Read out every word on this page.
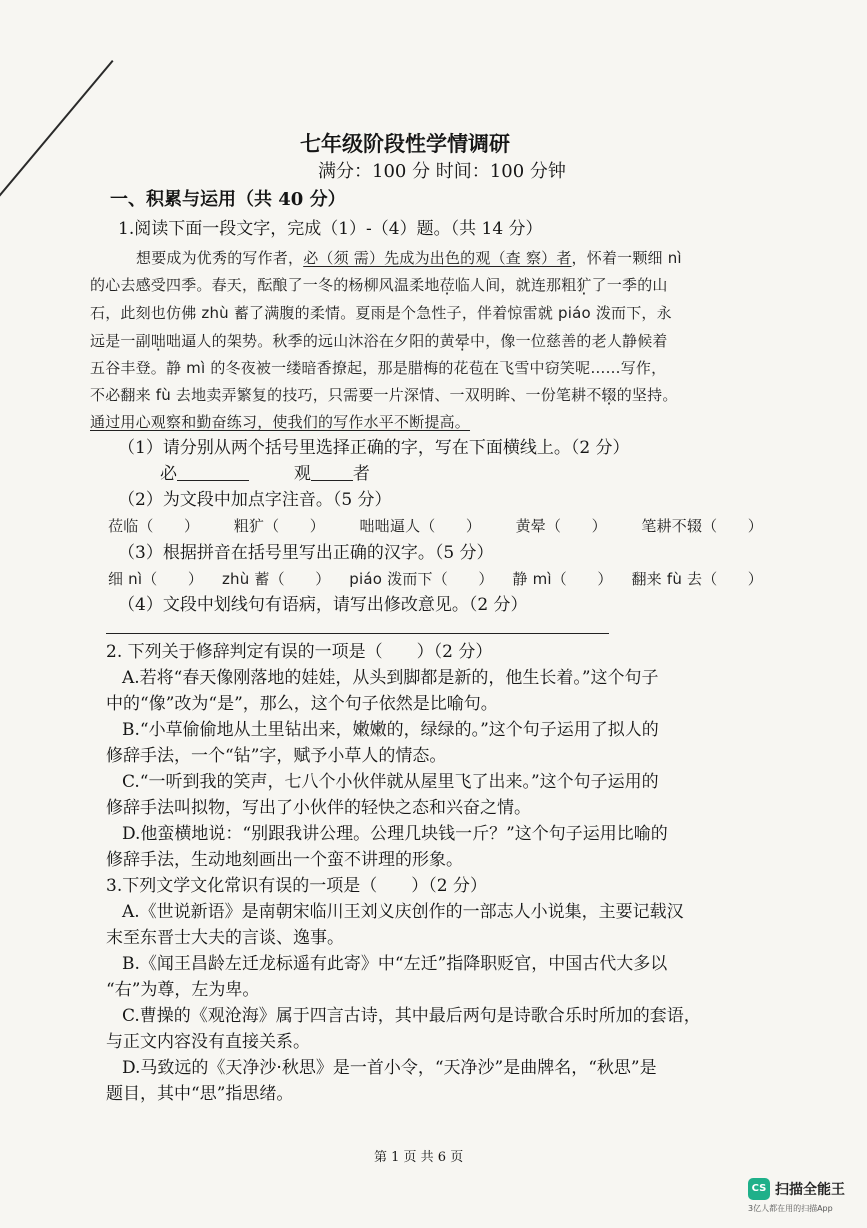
七年级阶段性学情调研
满分：100 分 时间：100 分钟
一、积累与运用（共 40 分）
1.阅读下面一段文字，完成（1）-（4）题。（共 14 分）
想要成为优秀的写作者，必（须 需）先成为出色的观（查 察）者，怀着一颗细 nì
的心去感受四季。春天，酝酿了一冬的杨柳风温柔地莅临人间，就连那粗犷了一季的山
石，此刻也仿佛 zhù 蓄了满腹的柔情。夏雨是个急性子，伴着惊雷就 piáo 泼而下，永
远是一副咄咄逼人的架势。秋季的远山沐浴在夕阳的黄晕中，像一位慈善的老人静候着
五谷丰登。静 mì 的冬夜被一缕暗香撩起，那是腊梅的花苞在飞雪中窃笑呢……写作，
不必翻来 fù 去地卖弄繁复的技巧，只需要一片深情、一双明眸、一份笔耕不辍的坚持。
通过用心观察和勤奋练习，使我们的写作水平不断提高。
（1）请分别从两个括号里选择正确的字，写在下面横线上。（2 分）
必	观 者
（2）为文段中加点字注音。（5 分）
莅临（　　） 粗犷（　　） 咄咄逼人（　　） 黄晕（　　） 笔耕不辍（　　）
（3）根据拼音在括号里写出正确的汉字。（5 分）
细 nì（　　） zhù 蓄（　　） piáo 泼而下（　　） 静 mì（　　） 翻来 fù 去（　　）
（4）文段中划线句有语病，请写出修改意见。（2 分）
2. 下列关于修辞判定有误的一项是（　　）（2 分）
A.若将“春天像刚落地的娃娃，从头到脚都是新的，他生长着。”这个句子
中的“像”改为“是”，那么，这个句子依然是比喻句。
B.“小草偷偷地从土里钻出来，嫩嫩的，绿绿的。”这个句子运用了拟人的
修辞手法，一个“钻”字，赋予小草人的情态。
C.“一听到我的笑声，七八个小伙伴就从屋里飞了出来。”这个句子运用的
修辞手法叫拟物，写出了小伙伴的轻快之态和兴奋之情。
D.他蛮横地说：“别跟我讲公理。公理几块钱一斤？”这个句子运用比喻的
修辞手法，生动地刻画出一个蛮不讲理的形象。
3.下列文学文化常识有误的一项是（　　）（2 分）
A.《世说新语》是南朝宋临川王刘义庆创作的一部志人小说集，主要记载汉
末至东晋士大夫的言谈、逸事。
B.《闻王昌龄左迁龙标遥有此寄》中“左迁”指降职贬官，中国古代大多以
“右”为尊，左为卑。
C.曹操的《观沧海》属于四言古诗，其中最后两句是诗歌合乐时所加的套语，
与正文内容没有直接关系。
D.马致远的《天净沙·秋思》是一首小令，“天净沙”是曲牌名，“秋思”是
题目，其中“思”指思绪。
第 1 页 共 6 页
CS 扫描全能王
3亿人都在用的扫描App
